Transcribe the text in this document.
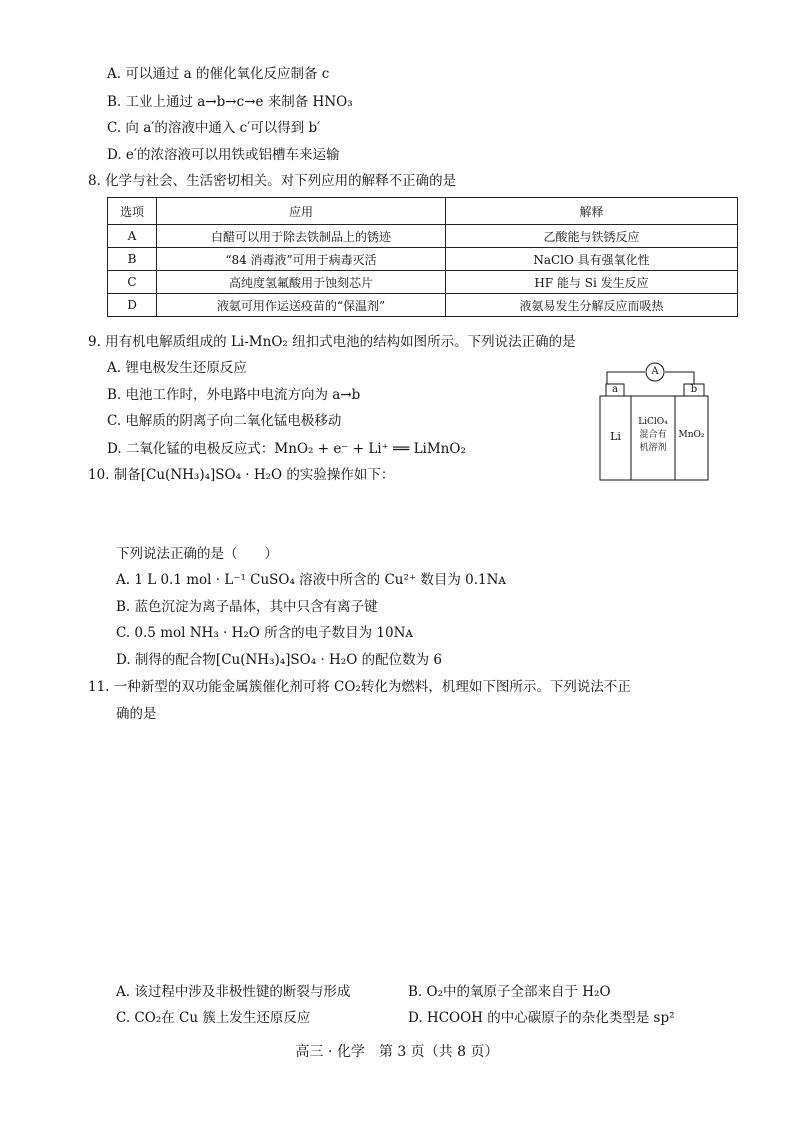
A. 可以通过 a 的催化氧化反应制备 c
B. 工业上通过 a→b→c→e 来制备 HNO₃
C. 向 a′的溶液中通入 c′可以得到 b′
D. e′的浓溶液可以用铁或铝槽车来运输
8. 化学与社会、生活密切相关。对下列应用的解释不正确的是
选项	应用	解释
A	白醋可以用于除去铁制品上的锈迹	乙酸能与铁锈反应
B	“84 消毒液”可用于病毒灭活	NaClO 具有强氧化性
C	高纯度氢氟酸用于蚀刻芯片	HF 能与 Si 发生反应
D	液氨可用作运送疫苗的“保温剂”	液氨易发生分解反应而吸热
9. 用有机电解质组成的 Li-MnO₂ 纽扣式电池的结构如图所示。下列说法正确的是
A. 锂电极发生还原反应
B. 电池工作时，外电路中电流方向为 a→b
C. 电解质的阴离子向二氧化锰电极移动
D. 二氧化锰的电极反应式：MnO₂ + e⁻ + Li⁺ ══ LiMnO₂
A
a	b
Li
LiClO₄
混合有
机溶剂
MnO₂
10. 制备[Cu(NH₃)₄]SO₄ · H₂O 的实验操作如下：
下列说法正确的是（　　）
A. 1 L 0.1 mol · L⁻¹ CuSO₄ 溶液中所含的 Cu²⁺ 数目为 0.1Nᴀ
B. 蓝色沉淀为离子晶体，其中只含有离子键
C. 0.5 mol NH₃ · H₂O 所含的电子数目为 10Nᴀ
D. 制得的配合物[Cu(NH₃)₄]SO₄ · H₂O 的配位数为 6
11. 一种新型的双功能金属簇催化剂可将 CO₂转化为燃料，机理如下图所示。下列说法不正
确的是
A. 该过程中涉及非极性键的断裂与形成	B. O₂中的氧原子全部来自于 H₂O
C. CO₂在 Cu 簇上发生还原反应	D. HCOOH 的中心碳原子的杂化类型是 sp²
高三 · 化学　第 3 页（共 8 页）
